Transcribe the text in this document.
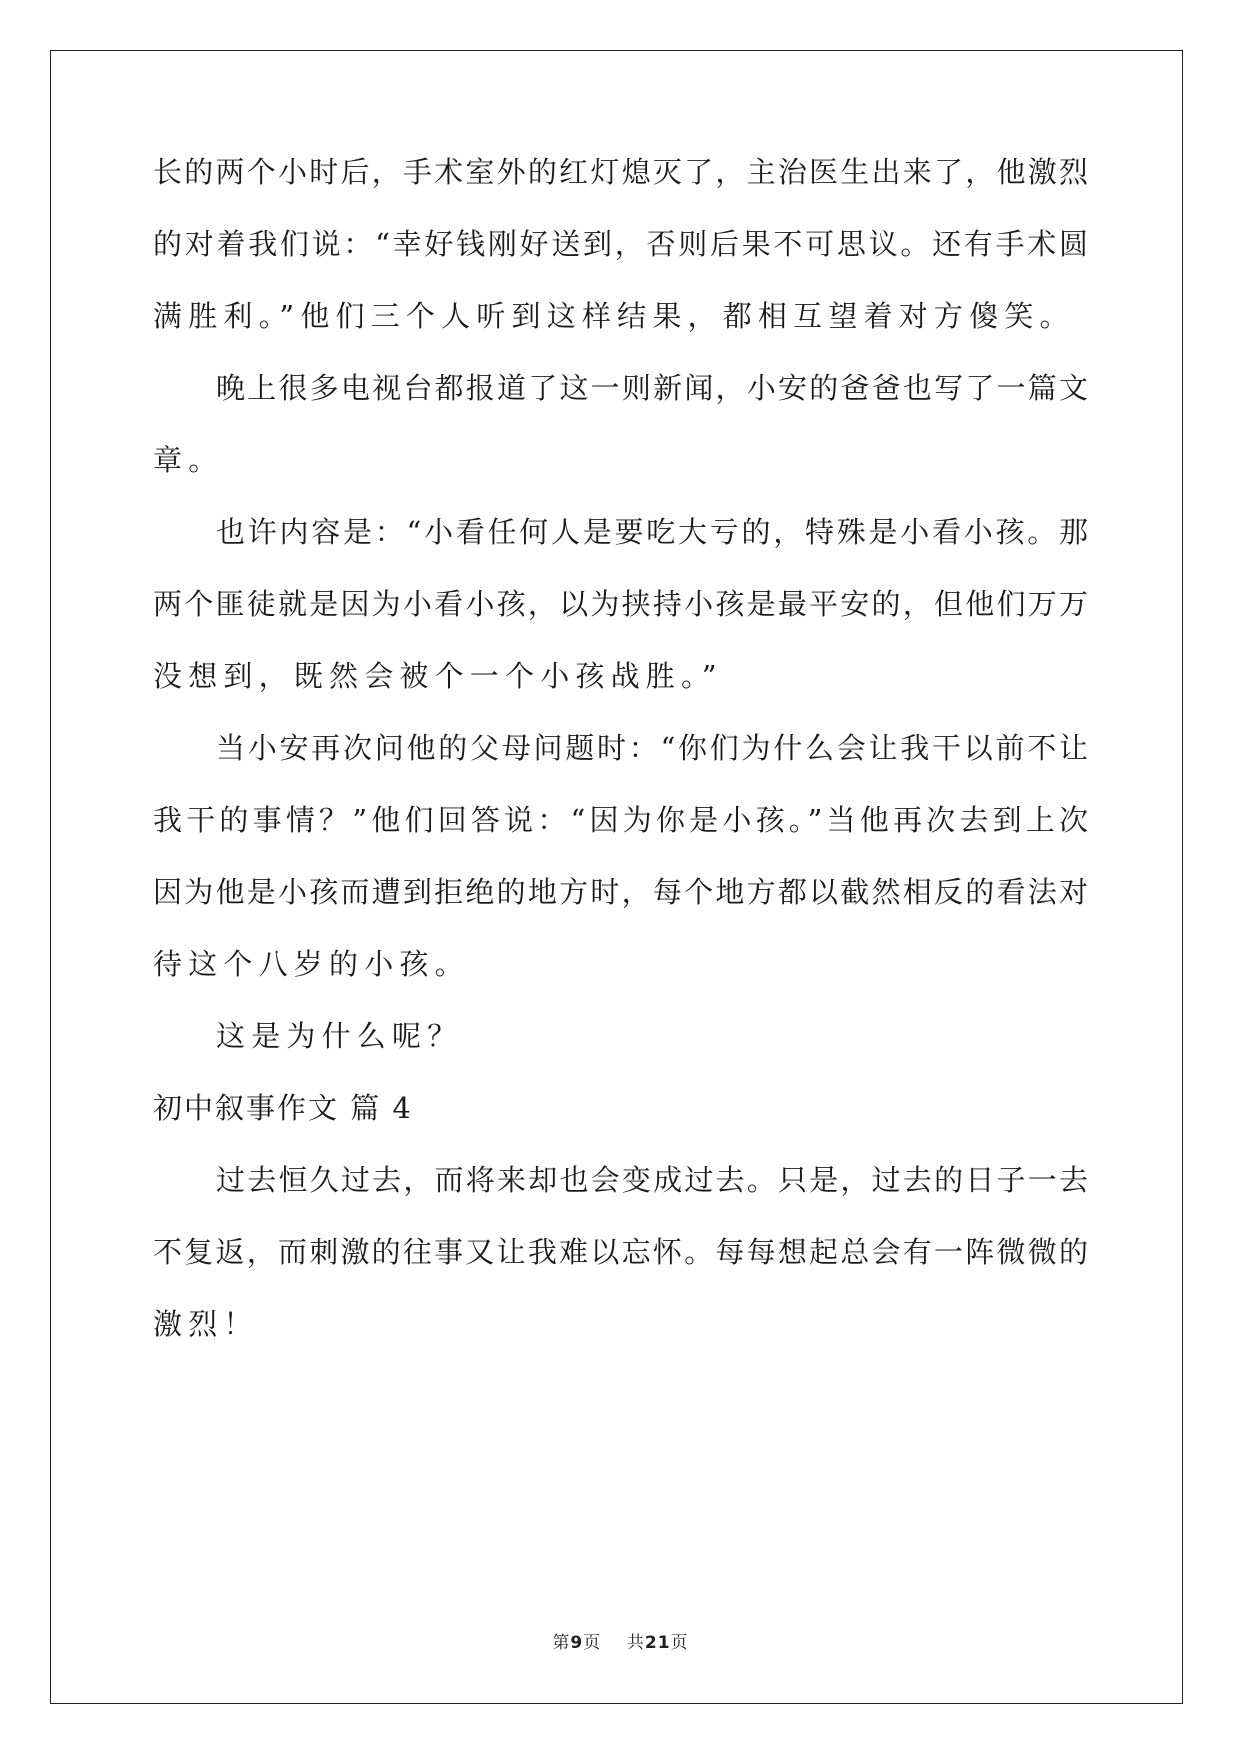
长的两个小时后，手术室外的红灯熄灭了，主治医生出来了，他激烈
的对着我们说：“幸好钱刚好送到，否则后果不可思议。还有手术圆
满胜利。”他们三个人听到这样结果，都相互望着对方傻笑。
晚上很多电视台都报道了这一则新闻，小安的爸爸也写了一篇文
章。
也许内容是：“小看任何人是要吃大亏的，特殊是小看小孩。那
两个匪徒就是因为小看小孩，以为挟持小孩是最平安的，但他们万万
没想到，既然会被个一个小孩战胜。”
当小安再次问他的父母问题时：“你们为什么会让我干以前不让
我干的事情？”他们回答说：“因为你是小孩。”当他再次去到上次
因为他是小孩而遭到拒绝的地方时，每个地方都以截然相反的看法对
待这个八岁的小孩。
这是为什么呢？
初中叙事作文 篇 4
过去恒久过去，而将来却也会变成过去。只是，过去的日子一去
不复返，而刺激的往事又让我难以忘怀。每每想起总会有一阵微微的
激烈！
第9页 共21页
